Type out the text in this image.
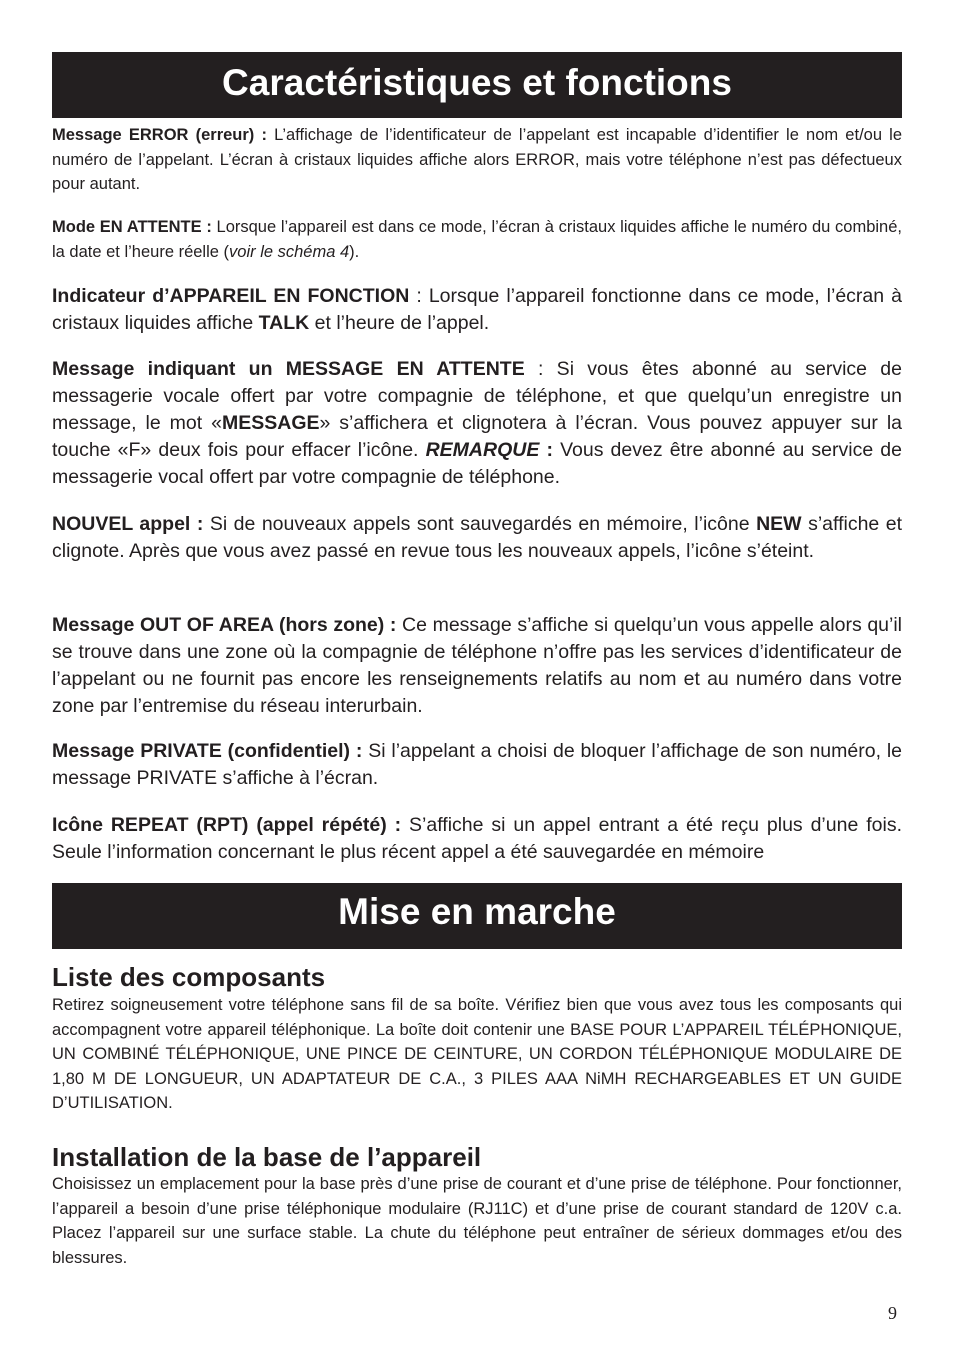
Caractéristiques et fonctions

Message ERROR (erreur) : L’affichage de l’identificateur de l’appelant est incapable d’identifier le nom et/ou le numéro de l’appelant. L’écran à cristaux liquides affiche alors ERROR, mais votre téléphone n’est pas défectueux pour autant.

Mode EN ATTENTE : Lorsque l’appareil est dans ce mode, l’écran à cristaux liquides affiche le numéro du combiné, la date et l’heure réelle (voir le schéma 4).

Indicateur d’APPAREIL EN FONCTION : Lorsque l’appareil fonctionne dans ce mode, l’écran à cristaux liquides affiche TALK et l’heure de l’appel.

Message indiquant un MESSAGE EN ATTENTE : Si vous êtes abonné au service de messagerie vocale offert par votre compagnie de téléphone, et que quelqu’un enregistre un message, le mot «MESSAGE» s’affichera et clignotera à l’écran. Vous pouvez appuyer sur la touche «F» deux fois pour effacer l’icône. REMARQUE : Vous devez être abonné au service de messagerie vocal offert par votre compagnie de téléphone.

NOUVEL appel : Si de nouveaux appels sont sauvegardés en mémoire, l’icône NEW s’affiche et clignote. Après que vous avez passé en revue tous les nouveaux appels, l’icône s’éteint.

Message OUT OF AREA (hors zone) : Ce message s’affiche si quelqu’un vous appelle alors qu’il se trouve dans une zone où la compagnie de téléphone n’offre pas les services d’identificateur de l’appelant ou ne fournit pas encore les renseignements relatifs au nom et au numéro dans votre zone par l’entremise du réseau interurbain.

Message PRIVATE (confidentiel) : Si l’appelant a choisi de bloquer l’affichage de son numéro, le message PRIVATE s’affiche à l’écran.

Icône REPEAT (RPT) (appel répété) : S’affiche si un appel entrant a été reçu plus d’une fois. Seule l’information concernant le plus récent appel a été sauvegardée en mémoire

Mise en marche
Liste des composants

Retirez soigneusement votre téléphone sans fil de sa boîte. Vérifiez bien que vous avez tous les composants qui accompagnent votre appareil téléphonique. La boîte doit contenir une BASE POUR L’APPAREIL TÉLÉPHONIQUE, UN COMBINÉ TÉLÉPHONIQUE, UNE PINCE DE CEINTURE, UN CORDON TÉLÉPHONIQUE MODULAIRE DE 1,80 M DE LONGUEUR, UN ADAPTATEUR DE C.A., 3 PILES AAA NiMH RECHARGEABLES ET UN GUIDE D’UTILISATION.

Installation de la base de l’appareil

Choisissez un emplacement pour la base près d’une prise de courant et d’une prise de téléphone. Pour fonctionner, l’appareil a besoin d’une prise téléphonique modulaire (RJ11C) et d’une prise de courant standard de 120V c.a. Placez l’appareil sur une surface stable. La chute du téléphone peut entraîner de sérieux dommages et/ou des blessures.

9
